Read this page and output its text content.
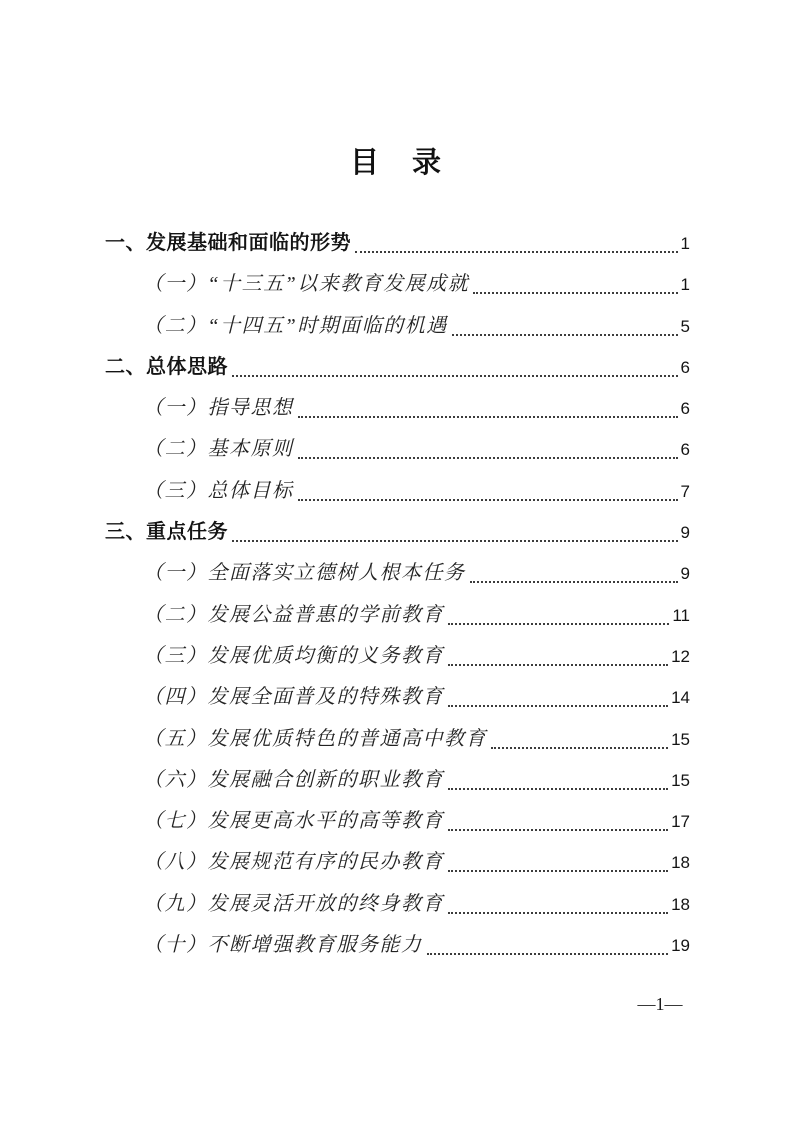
目　录
一、发展基础和面临的形势	1
（一）“十三五”以来教育发展成就	1
（二）“十四五”时期面临的机遇	5
二、总体思路	6
（一）指导思想	6
（二）基本原则	6
（三）总体目标	7
三、重点任务	9
（一）全面落实立德树人根本任务	9
（二）发展公益普惠的学前教育	11
（三）发展优质均衡的义务教育	12
（四）发展全面普及的特殊教育	14
（五）发展优质特色的普通高中教育	15
（六）发展融合创新的职业教育	15
（七）发展更高水平的高等教育	17
（八）发展规范有序的民办教育	18
（九）发展灵活开放的终身教育	18
（十）不断增强教育服务能力	19
—1—
